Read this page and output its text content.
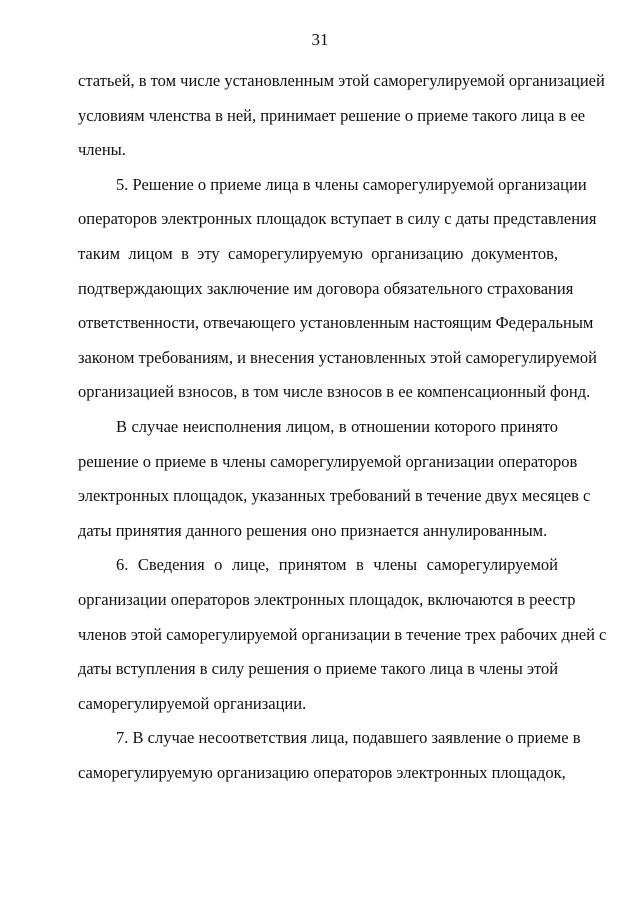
31
статьей, в том числе установленным этой саморегулируемой организацией
условиям членства в ней, принимает решение о приеме такого лица в ее
члены.
5. Решение о приеме лица в члены саморегулируемой организации
операторов электронных площадок вступает в силу с даты представления
таким лицом в эту саморегулируемую организацию документов,
подтверждающих заключение им договора обязательного страхования
ответственности, отвечающего установленным настоящим Федеральным
законом требованиям, и внесения установленных этой саморегулируемой
организацией взносов, в том числе взносов в ее компенсационный фонд.
В случае неисполнения лицом, в отношении которого принято
решение о приеме в члены саморегулируемой организации операторов
электронных площадок, указанных требований в течение двух месяцев с
даты принятия данного решения оно признается аннулированным.
6. Сведения о лице, принятом в члены саморегулируемой
организации операторов электронных площадок, включаются в реестр
членов этой саморегулируемой организации в течение трех рабочих дней с
даты вступления в силу решения о приеме такого лица в члены этой
саморегулируемой организации.
7. В случае несоответствия лица, подавшего заявление о приеме в
саморегулируемую организацию операторов электронных площадок,
